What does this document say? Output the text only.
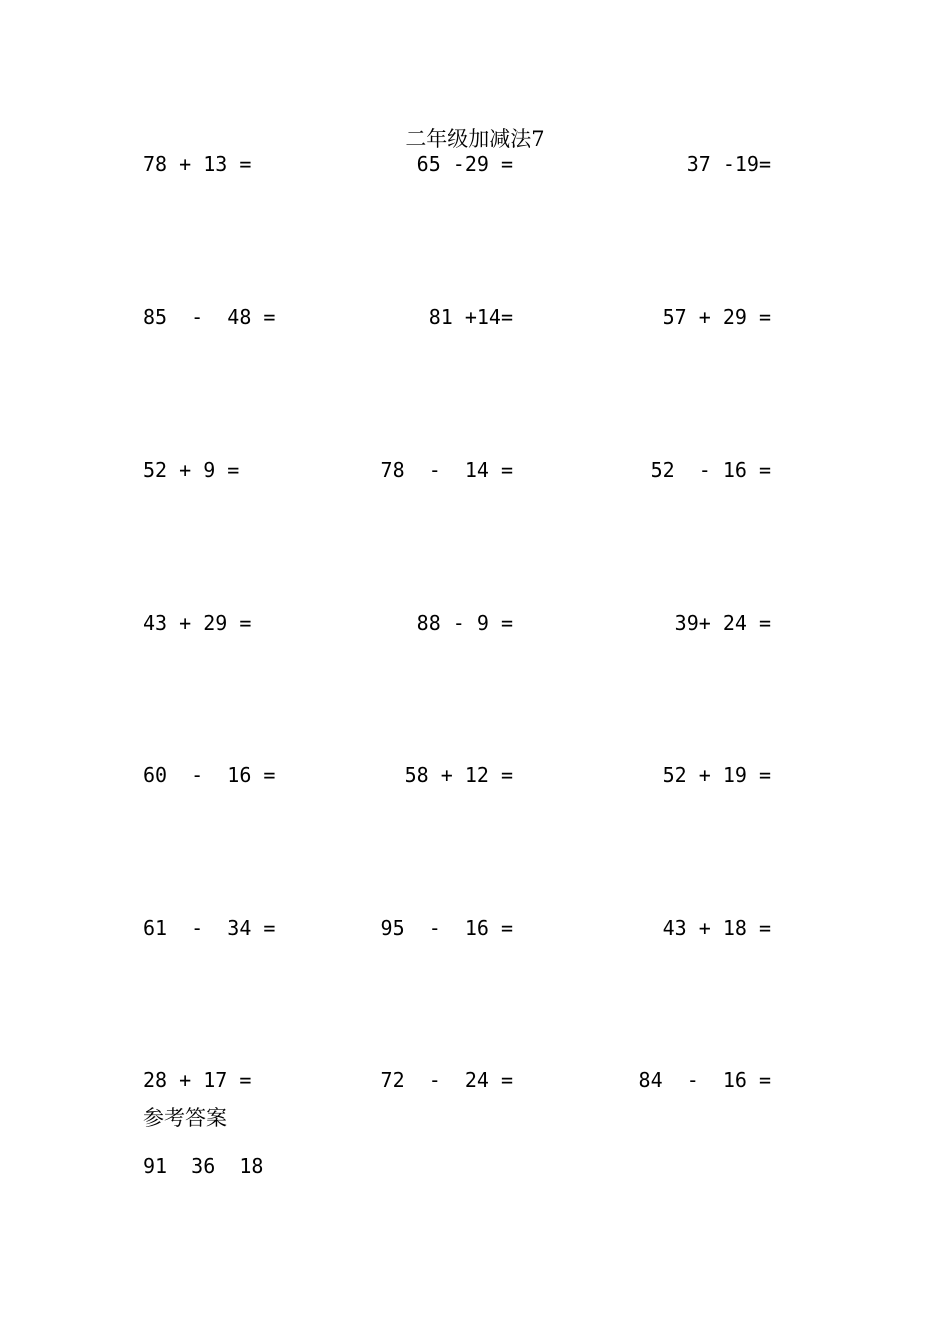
二年级加减法7
78 + 13 =	65 -29 =	37 -19=
85  -  48 =	81 +14=	57 + 29 =
52 + 9 =	78  -  14 =	52  - 16 =
43 + 29 =	88 - 9 =	39+ 24 =
60  -  16 =	58 + 12 =	52 + 19 =
61  -  34 =	95  -  16 =	43 + 18 =
28 + 17 =	72  -  24 =	84  -  16 =
参考答案
91  36  18
